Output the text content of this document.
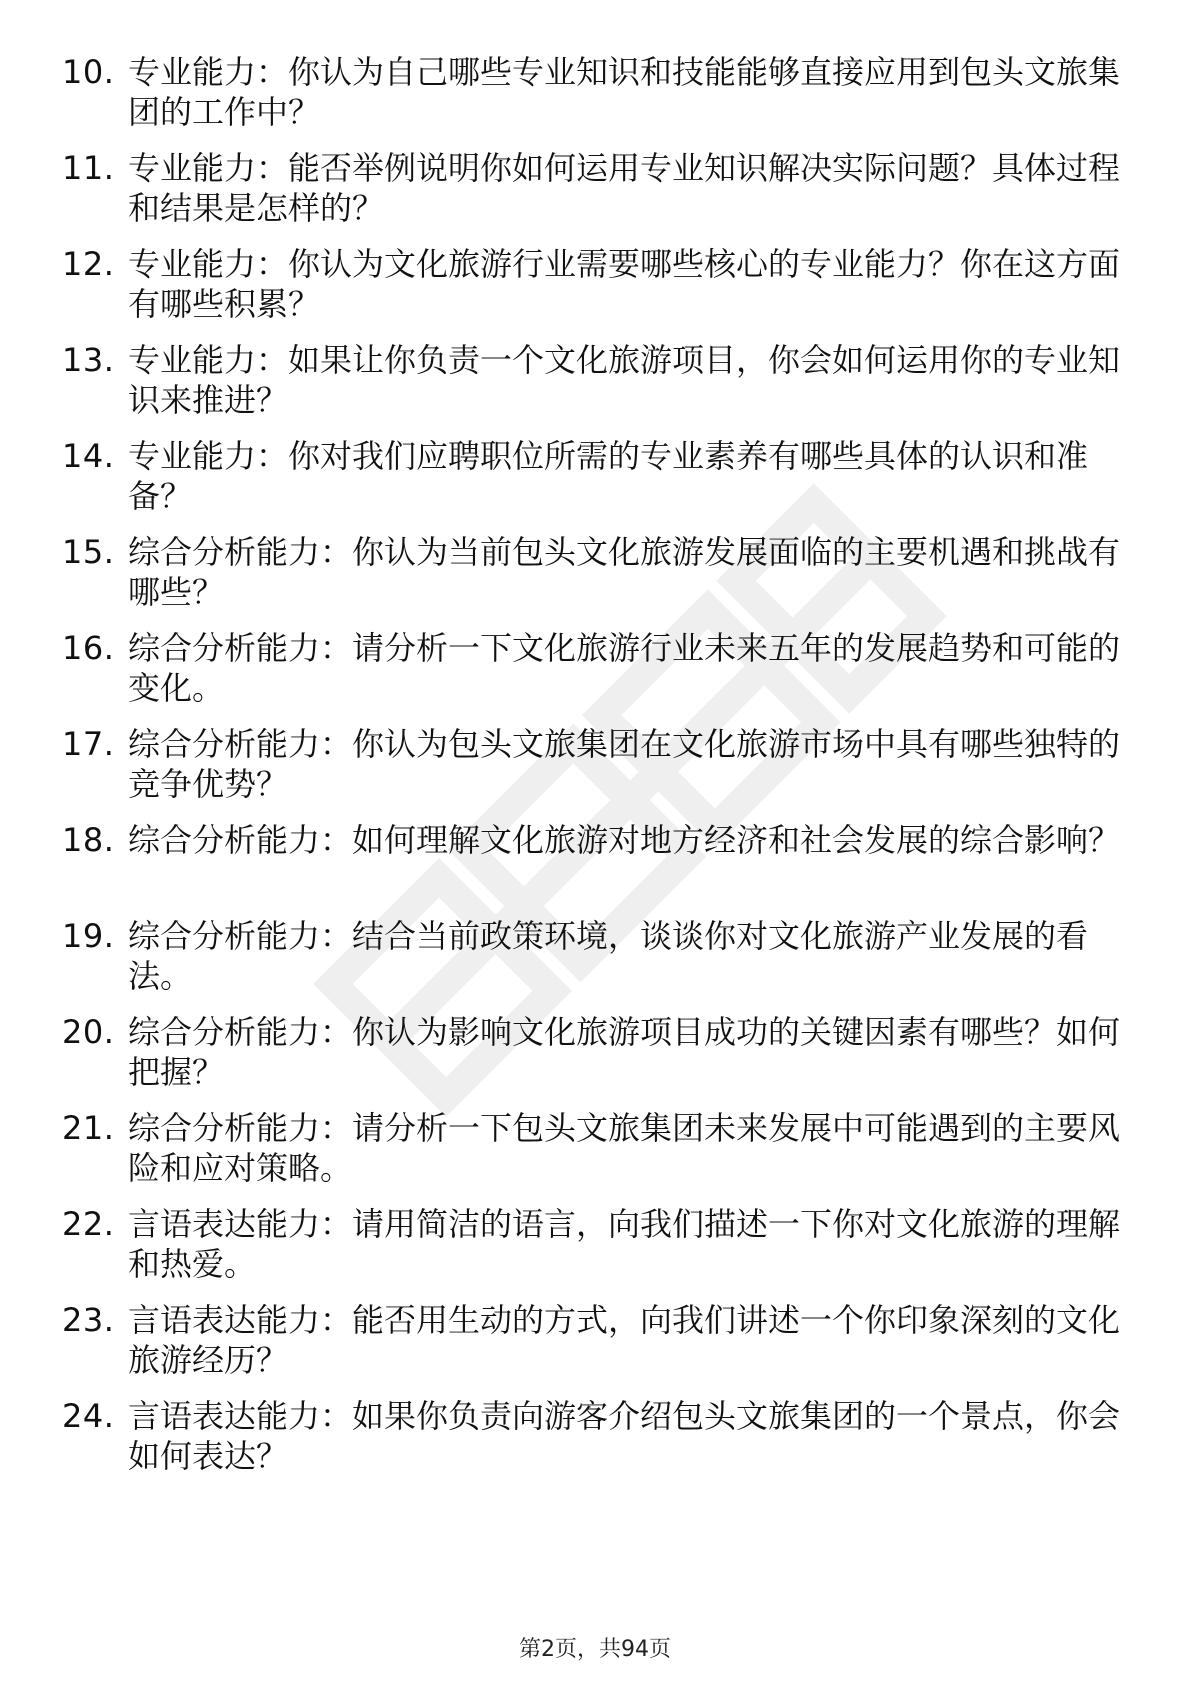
10. 专业能力：你认为自己哪些专业知识和技能能够直接应用到包头文旅集团的工作中？
11. 专业能力：能否举例说明你如何运用专业知识解决实际问题？具体过程和结果是怎样的？
12. 专业能力：你认为文化旅游行业需要哪些核心的专业能力？你在这方面有哪些积累？
13. 专业能力：如果让你负责一个文化旅游项目，你会如何运用你的专业知识来推进？
14. 专业能力：你对我们应聘职位所需的专业素养有哪些具体的认识和准备？
15. 综合分析能力：你认为当前包头文化旅游发展面临的主要机遇和挑战有哪些？
16. 综合分析能力：请分析一下文化旅游行业未来五年的发展趋势和可能的变化。
17. 综合分析能力：你认为包头文旅集团在文化旅游市场中具有哪些独特的竞争优势？
18. 综合分析能力：如何理解文化旅游对地方经济和社会发展的综合影响？
19. 综合分析能力：结合当前政策环境，谈谈你对文化旅游产业发展的看法。
20. 综合分析能力：你认为影响文化旅游项目成功的关键因素有哪些？如何把握？
21. 综合分析能力：请分析一下包头文旅集团未来发展中可能遇到的主要风险和应对策略。
22. 言语表达能力：请用简洁的语言，向我们描述一下你对文化旅游的理解和热爱。
23. 言语表达能力：能否用生动的方式，向我们讲述一个你印象深刻的文化旅游经历？
24. 言语表达能力：如果你负责向游客介绍包头文旅集团的一个景点，你会如何表达？
第2页，共94页
